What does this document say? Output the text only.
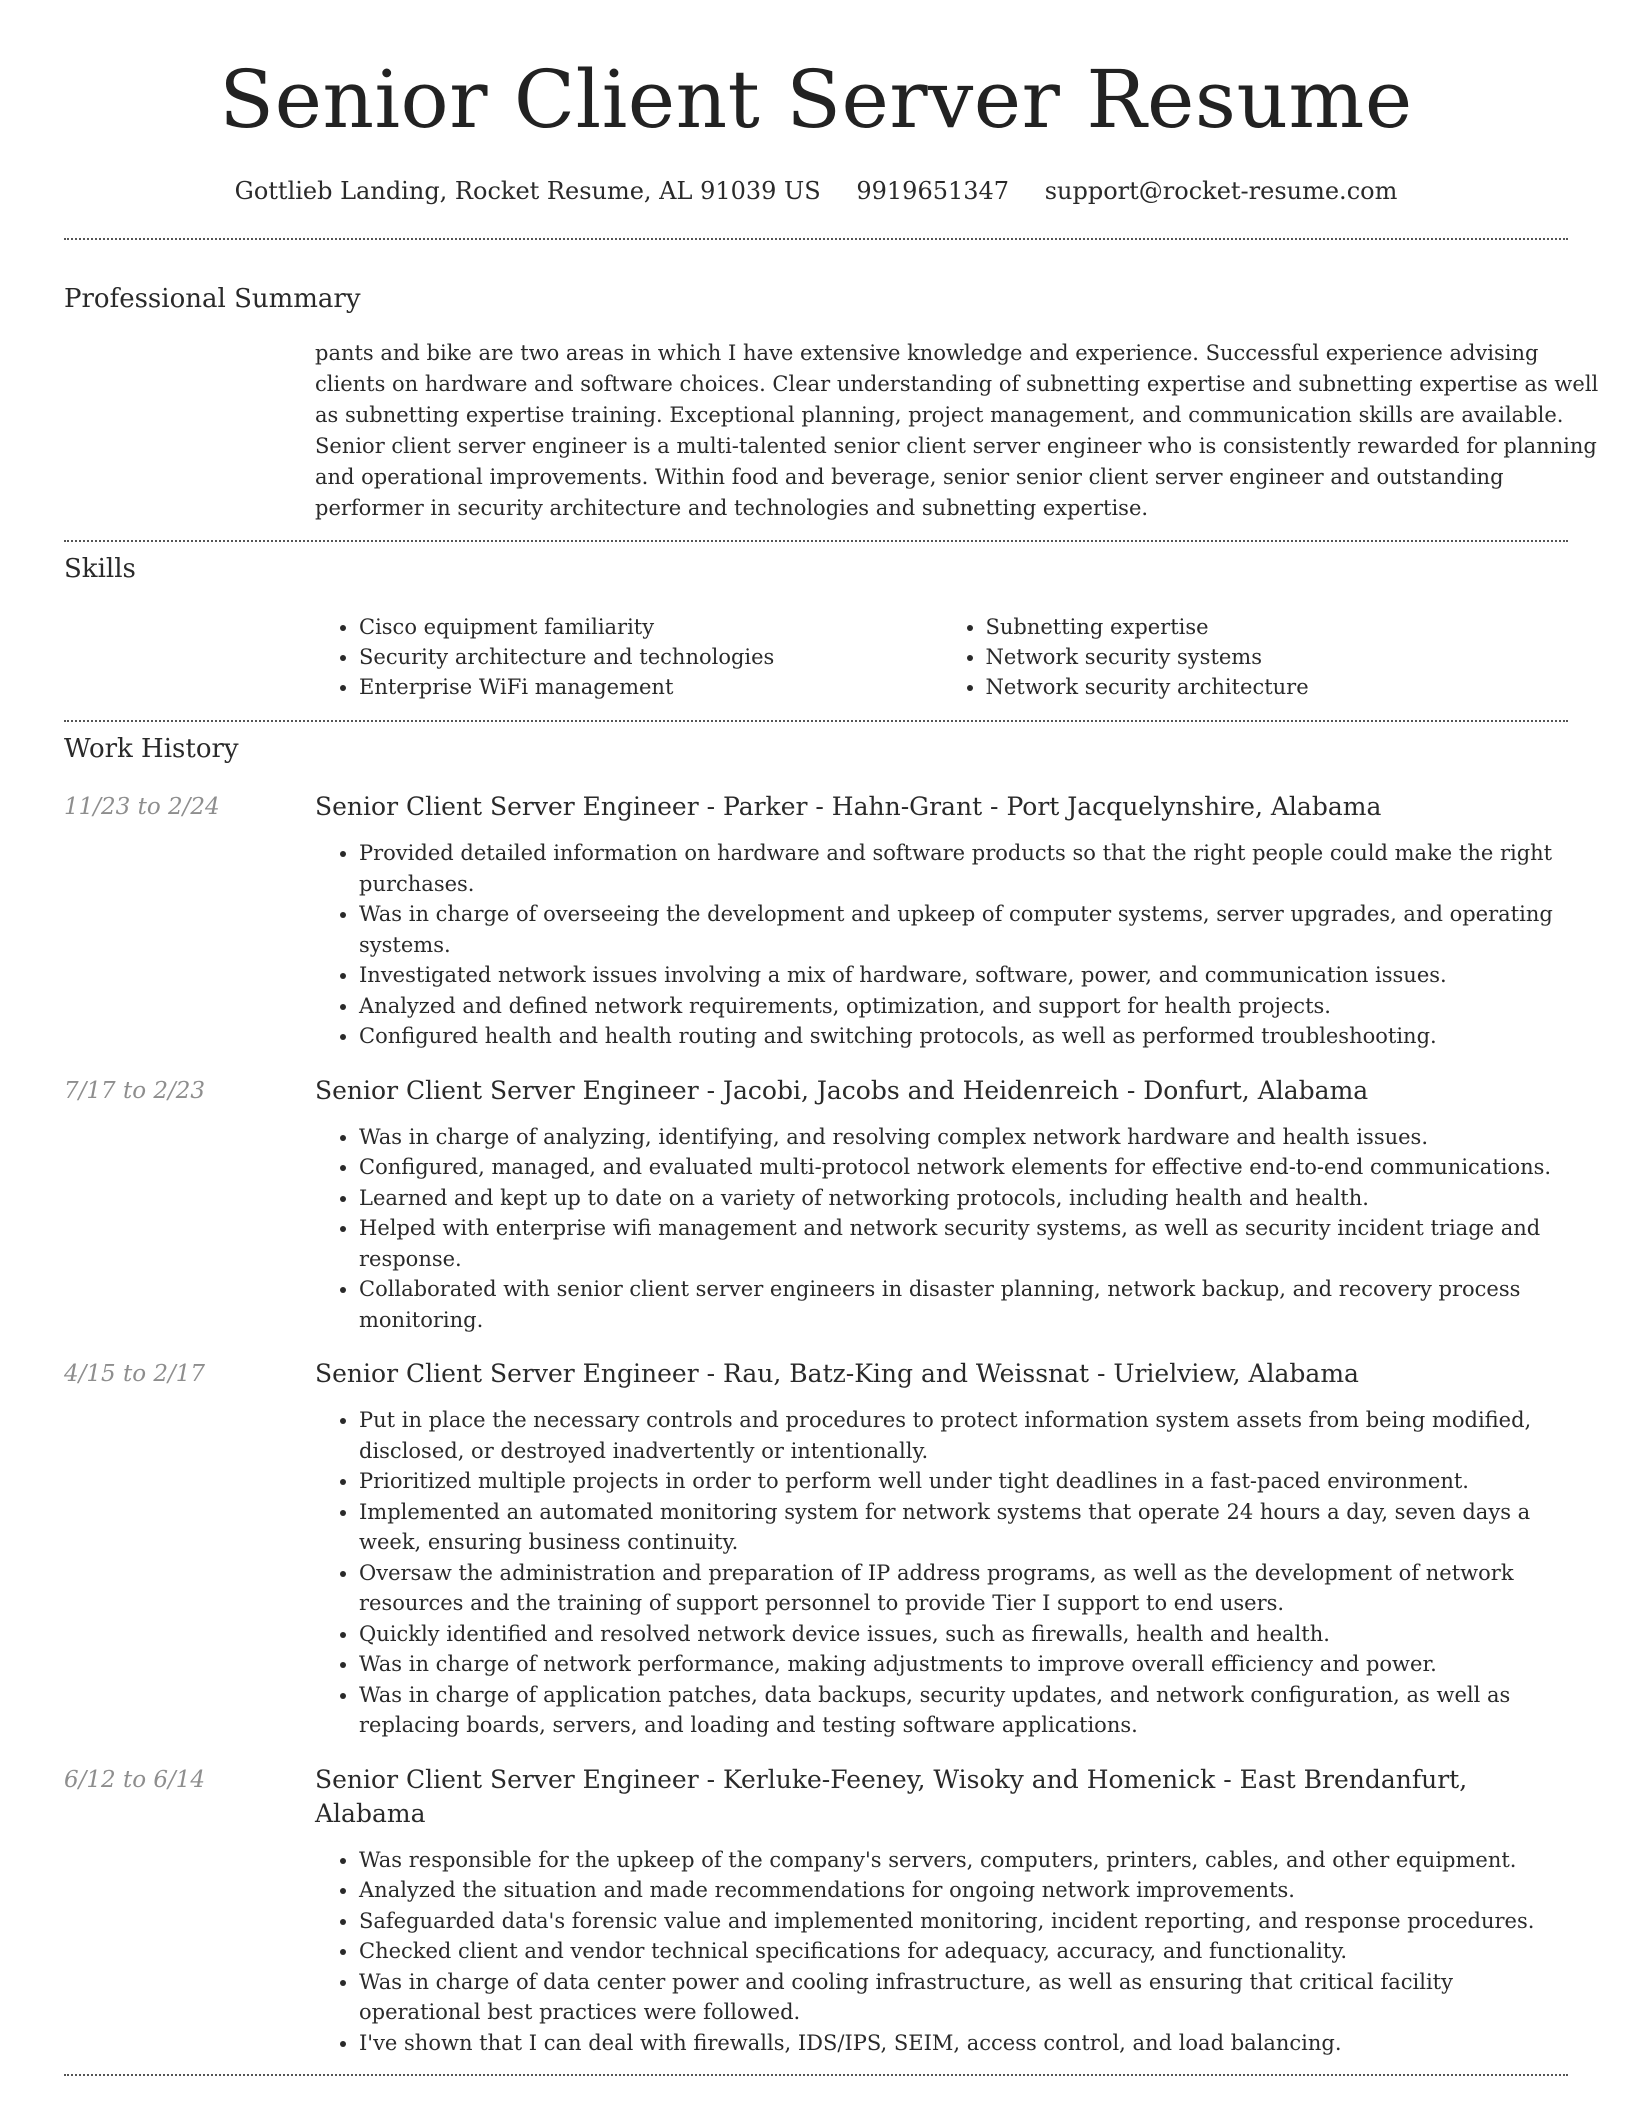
Senior Client Server Resume
Gottlieb Landing, Rocket Resume, AL 91039 US 9919651347 support@rocket-resume.com
Professional Summary
pants and bike are two areas in which I have extensive knowledge and experience. Successful experience advising clients on hardware and software choices. Clear understanding of subnetting expertise and subnetting expertise as well as subnetting expertise training. Exceptional planning, project management, and communication skills are available. Senior client server engineer is a multi-talented senior client server engineer who is consistently rewarded for planning and operational improvements. Within food and beverage, senior senior client server engineer and outstanding performer in security architecture and technologies and subnetting expertise.
Skills
• Cisco equipment familiarity
• Security architecture and technologies
• Enterprise WiFi management
• Subnetting expertise
• Network security systems
• Network security architecture
Work History
11/23 to 2/24	Senior Client Server Engineer - Parker - Hahn-Grant - Port Jacquelynshire, Alabama
• Provided detailed information on hardware and software products so that the right people could make the right purchases.
• Was in charge of overseeing the development and upkeep of computer systems, server upgrades, and operating systems.
• Investigated network issues involving a mix of hardware, software, power, and communication issues.
• Analyzed and defined network requirements, optimization, and support for health projects.
• Configured health and health routing and switching protocols, as well as performed troubleshooting.
7/17 to 2/23	Senior Client Server Engineer - Jacobi, Jacobs and Heidenreich - Donfurt, Alabama
• Was in charge of analyzing, identifying, and resolving complex network hardware and health issues.
• Configured, managed, and evaluated multi-protocol network elements for effective end-to-end communications.
• Learned and kept up to date on a variety of networking protocols, including health and health.
• Helped with enterprise wifi management and network security systems, as well as security incident triage and response.
• Collaborated with senior client server engineers in disaster planning, network backup, and recovery process monitoring.
4/15 to 2/17	Senior Client Server Engineer - Rau, Batz-King and Weissnat - Urielview, Alabama
• Put in place the necessary controls and procedures to protect information system assets from being modified, disclosed, or destroyed inadvertently or intentionally.
• Prioritized multiple projects in order to perform well under tight deadlines in a fast-paced environment.
• Implemented an automated monitoring system for network systems that operate 24 hours a day, seven days a week, ensuring business continuity.
• Oversaw the administration and preparation of IP address programs, as well as the development of network resources and the training of support personnel to provide Tier I support to end users.
• Quickly identified and resolved network device issues, such as firewalls, health and health.
• Was in charge of network performance, making adjustments to improve overall efficiency and power.
• Was in charge of application patches, data backups, security updates, and network configuration, as well as replacing boards, servers, and loading and testing software applications.
6/12 to 6/14	Senior Client Server Engineer - Kerluke-Feeney, Wisoky and Homenick - East Brendanfurt, Alabama
• Was responsible for the upkeep of the company's servers, computers, printers, cables, and other equipment.
• Analyzed the situation and made recommendations for ongoing network improvements.
• Safeguarded data's forensic value and implemented monitoring, incident reporting, and response procedures.
• Checked client and vendor technical specifications for adequacy, accuracy, and functionality.
• Was in charge of data center power and cooling infrastructure, as well as ensuring that critical facility operational best practices were followed.
• I've shown that I can deal with firewalls, IDS/IPS, SEIM, access control, and load balancing.
